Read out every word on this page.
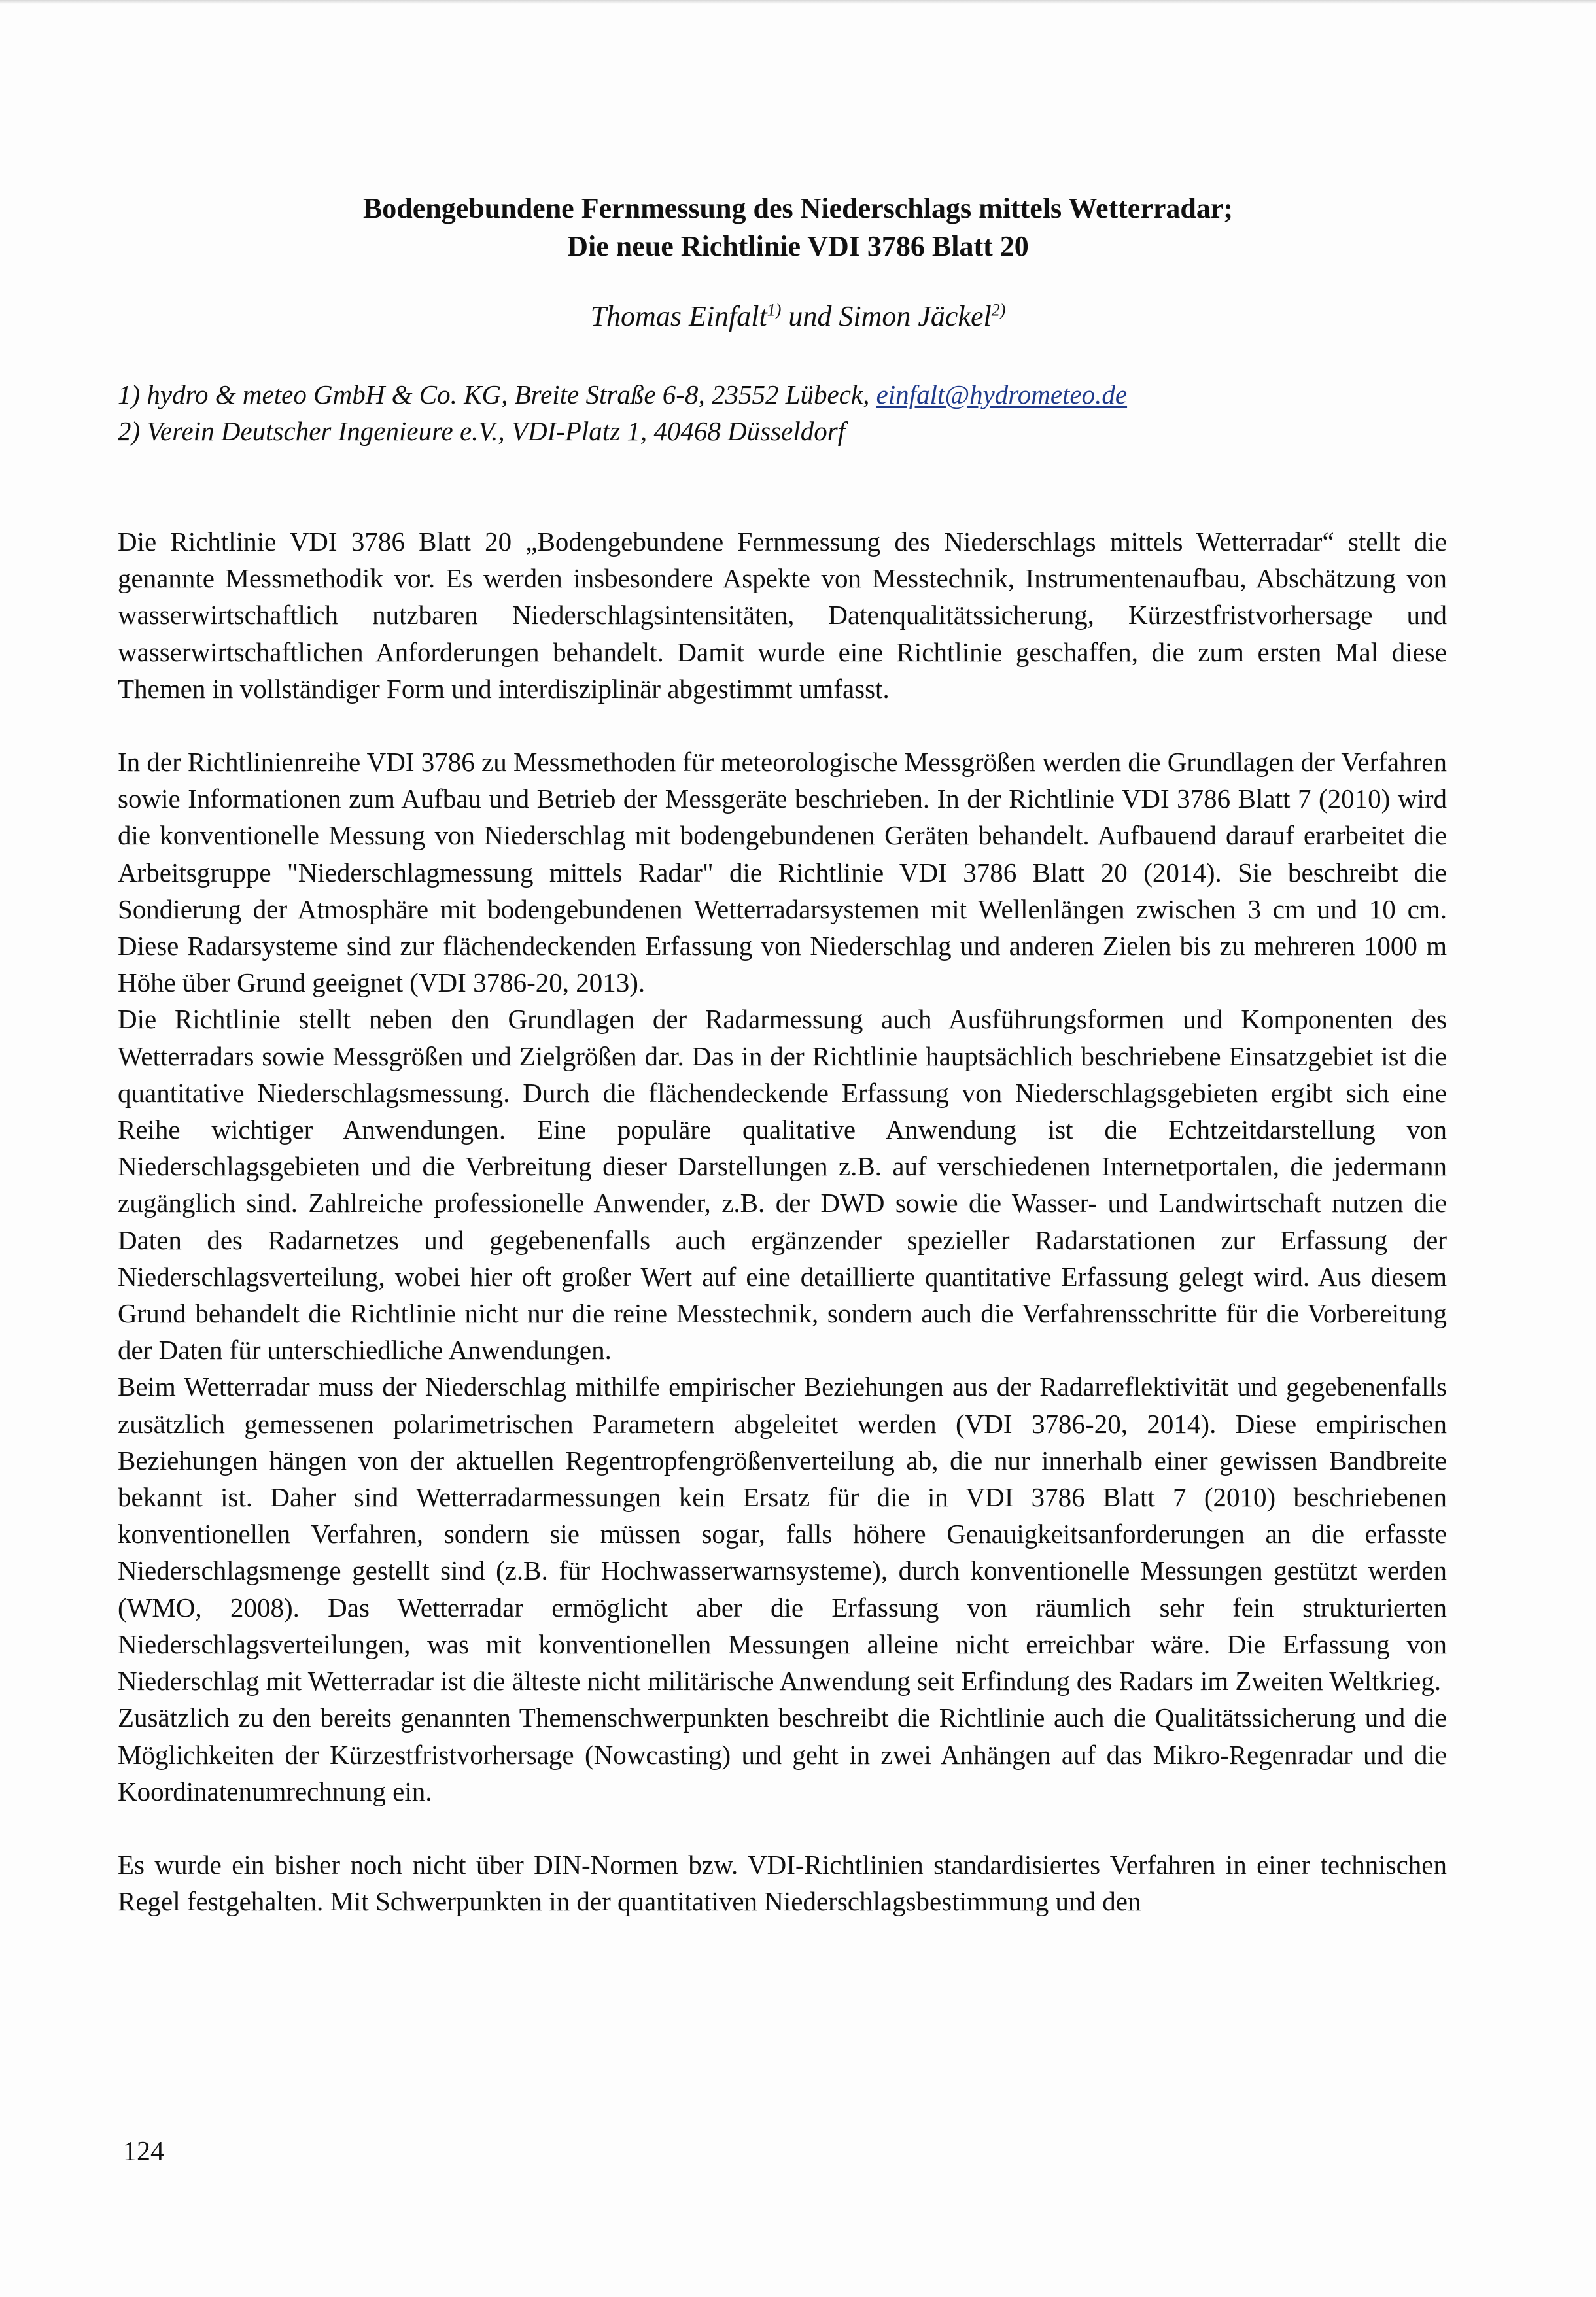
Bodengebundene Fernmessung des Niederschlags mittels Wetterradar;
Die neue Richtlinie VDI 3786 Blatt 20
Thomas Einfalt$^{1)}$ und Simon Jäckel$^{2)}$
1) hydro & meteo GmbH & Co. KG, Breite Straße 6-8, 23552 Lübeck, einfalt@hydrometeo.de
2) Verein Deutscher Ingenieure e.V., VDI-Platz 1, 40468 Düsseldorf

Die Richtlinie VDI 3786 Blatt 20 „Bodengebundene Fernmessung des Niederschlags mittels Wetterradar“ stellt die genannte Messmethodik vor. Es werden insbesondere Aspekte von Messtechnik, Instrumentenaufbau, Abschätzung von wasserwirtschaftlich nutzbaren Niederschlagsintensitäten, Datenqualitätssicherung, Kürzestfristvorhersage und wasserwirtschaftlichen Anforderungen behandelt. Damit wurde eine Richtlinie geschaffen, die zum ersten Mal diese Themen in vollständiger Form und interdisziplinär abgestimmt umfasst.

In der Richtlinienreihe VDI 3786 zu Messmethoden für meteorologische Messgrößen werden die Grundlagen der Verfahren sowie Informationen zum Aufbau und Betrieb der Messgeräte beschrieben. In der Richtlinie VDI 3786 Blatt 7 (2010) wird die konventionelle Messung von Niederschlag mit bodengebundenen Geräten behandelt. Aufbauend darauf erarbeitet die Arbeitsgruppe "Niederschlagmessung mittels Radar" die Richtlinie VDI 3786 Blatt 20 (2014). Sie beschreibt die Sondierung der Atmosphäre mit bodengebundenen Wetterradarsystemen mit Wellenlängen zwischen 3 cm und 10 cm. Diese Radarsysteme sind zur flächendeckenden Erfassung von Niederschlag und anderen Zielen bis zu mehreren 1000 m Höhe über Grund geeignet (VDI 3786-20, 2013).

Die Richtlinie stellt neben den Grundlagen der Radarmessung auch Ausführungsformen und Komponenten des Wetterradars sowie Messgrößen und Zielgrößen dar. Das in der Richtlinie hauptsächlich beschriebene Einsatzgebiet ist die quantitative Niederschlagsmessung. Durch die flächendeckende Erfassung von Niederschlagsgebieten ergibt sich eine Reihe wichtiger Anwendungen. Eine populäre qualitative Anwendung ist die Echtzeitdarstellung von Niederschlagsgebieten und die Verbreitung dieser Darstellungen z.B. auf verschiedenen Internetportalen, die jedermann zugänglich sind. Zahlreiche professionelle Anwender, z.B. der DWD sowie die Wasser- und Landwirtschaft nutzen die Daten des Radarnetzes und gegebenenfalls auch ergänzender spezieller Radarstationen zur Erfassung der Niederschlagsverteilung, wobei hier oft großer Wert auf eine detaillierte quantitative Erfassung gelegt wird. Aus diesem Grund behandelt die Richtlinie nicht nur die reine Messtechnik, sondern auch die Verfahrensschritte für die Vorbereitung der Daten für unterschiedliche Anwendungen.

Beim Wetterradar muss der Niederschlag mithilfe empirischer Beziehungen aus der Radarreflektivität und gegebenenfalls zusätzlich gemessenen polarimetrischen Parametern abgeleitet werden (VDI 3786-20, 2014). Diese empirischen Beziehungen hängen von der aktuellen Regentropfengrößenverteilung ab, die nur innerhalb einer gewissen Bandbreite bekannt ist. Daher sind Wetterradarmessungen kein Ersatz für die in VDI 3786 Blatt 7 (2010) beschriebenen konventionellen Verfahren, sondern sie müssen sogar, falls höhere Genauigkeitsanforderungen an die erfasste Niederschlagsmenge gestellt sind (z.B. für Hochwasserwarnsysteme), durch konventionelle Messungen gestützt werden (WMO, 2008). Das Wetterradar ermöglicht aber die Erfassung von räumlich sehr fein strukturierten Niederschlagsverteilungen, was mit konventionellen Messungen alleine nicht erreichbar wäre. Die Erfassung von Niederschlag mit Wetterradar ist die älteste nicht militärische Anwendung seit Erfindung des Radars im Zweiten Weltkrieg.

Zusätzlich zu den bereits genannten Themenschwerpunkten beschreibt die Richtlinie auch die Qualitätssicherung und die Möglichkeiten der Kürzestfristvorhersage (Nowcasting) und geht in zwei Anhängen auf das Mikro-Regenradar und die Koordinatenumrechnung ein.

Es wurde ein bisher noch nicht über DIN-Normen bzw. VDI-Richtlinien standardisiertes Verfahren in einer technischen Regel festgehalten. Mit Schwerpunkten in der quantitativen Niederschlagsbestimmung und den

124
